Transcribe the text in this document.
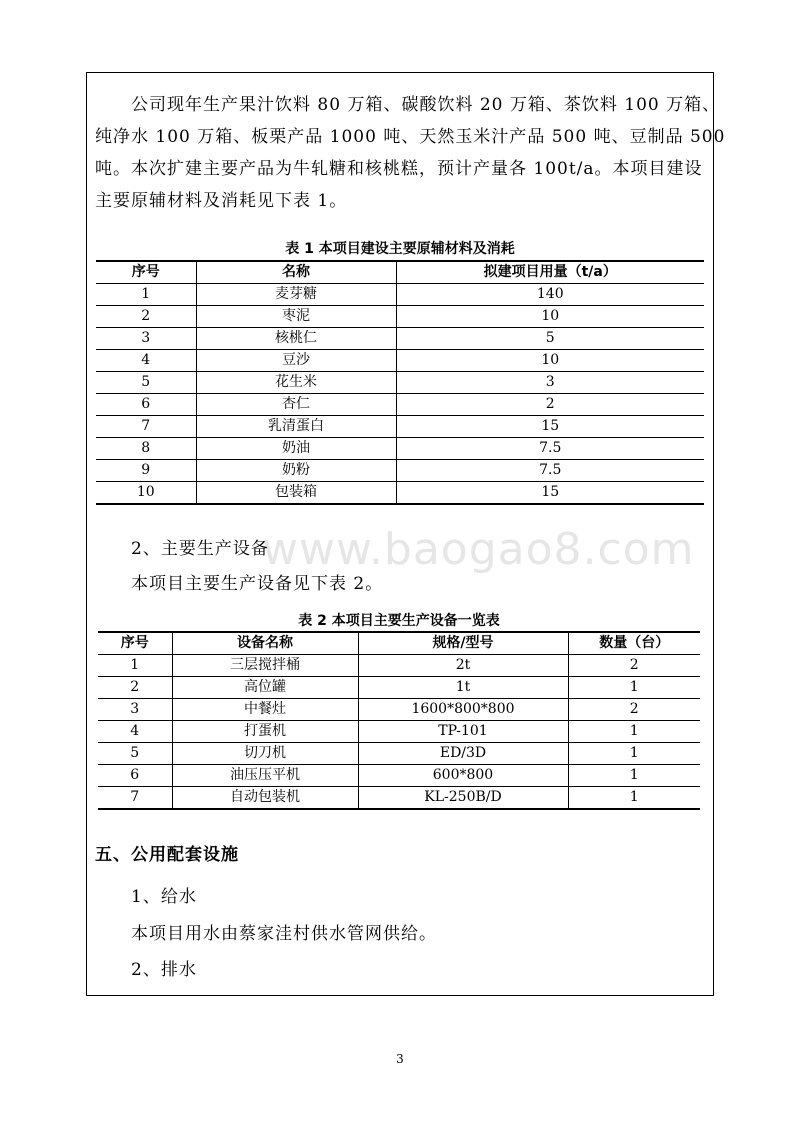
公司现年生产果汁饮料 80 万箱、碳酸饮料 20 万箱、茶饮料 100 万箱、
纯净水 100 万箱、板栗产品 1000 吨、天然玉米汁产品 500 吨、豆制品 500
吨。本次扩建主要产品为牛轧糖和核桃糕，预计产量各 100t/a。本项目建设
主要原辅材料及消耗见下表 1。

表 1 本项目建设主要原辅材料及消耗

序号	名称	拟建项目用量（t/a）
1	麦芽糖	140
2	枣泥	10
3	核桃仁	5
4	豆沙	10
5	花生米	3
6	杏仁	2
7	乳清蛋白	15
8	奶油	7.5
9	奶粉	7.5
10	包装箱	15
www.baogao8.com

2、主要生产设备

本项目主要生产设备见下表 2。

表 2 本项目主要生产设备一览表

序号	设备名称	规格/型号	数量（台）
1	三层搅拌桶	2t	2
2	高位罐	1t	1
3	中餐灶	1600*800*800	2
4	打蛋机	TP-101	1
5	切刀机	ED/3D	1
6	油压压平机	600*800	1
7	自动包装机	KL-250B/D	1

五、公用配套设施

1、给水

本项目用水由蔡家洼村供水管网供给。

2、排水

3
